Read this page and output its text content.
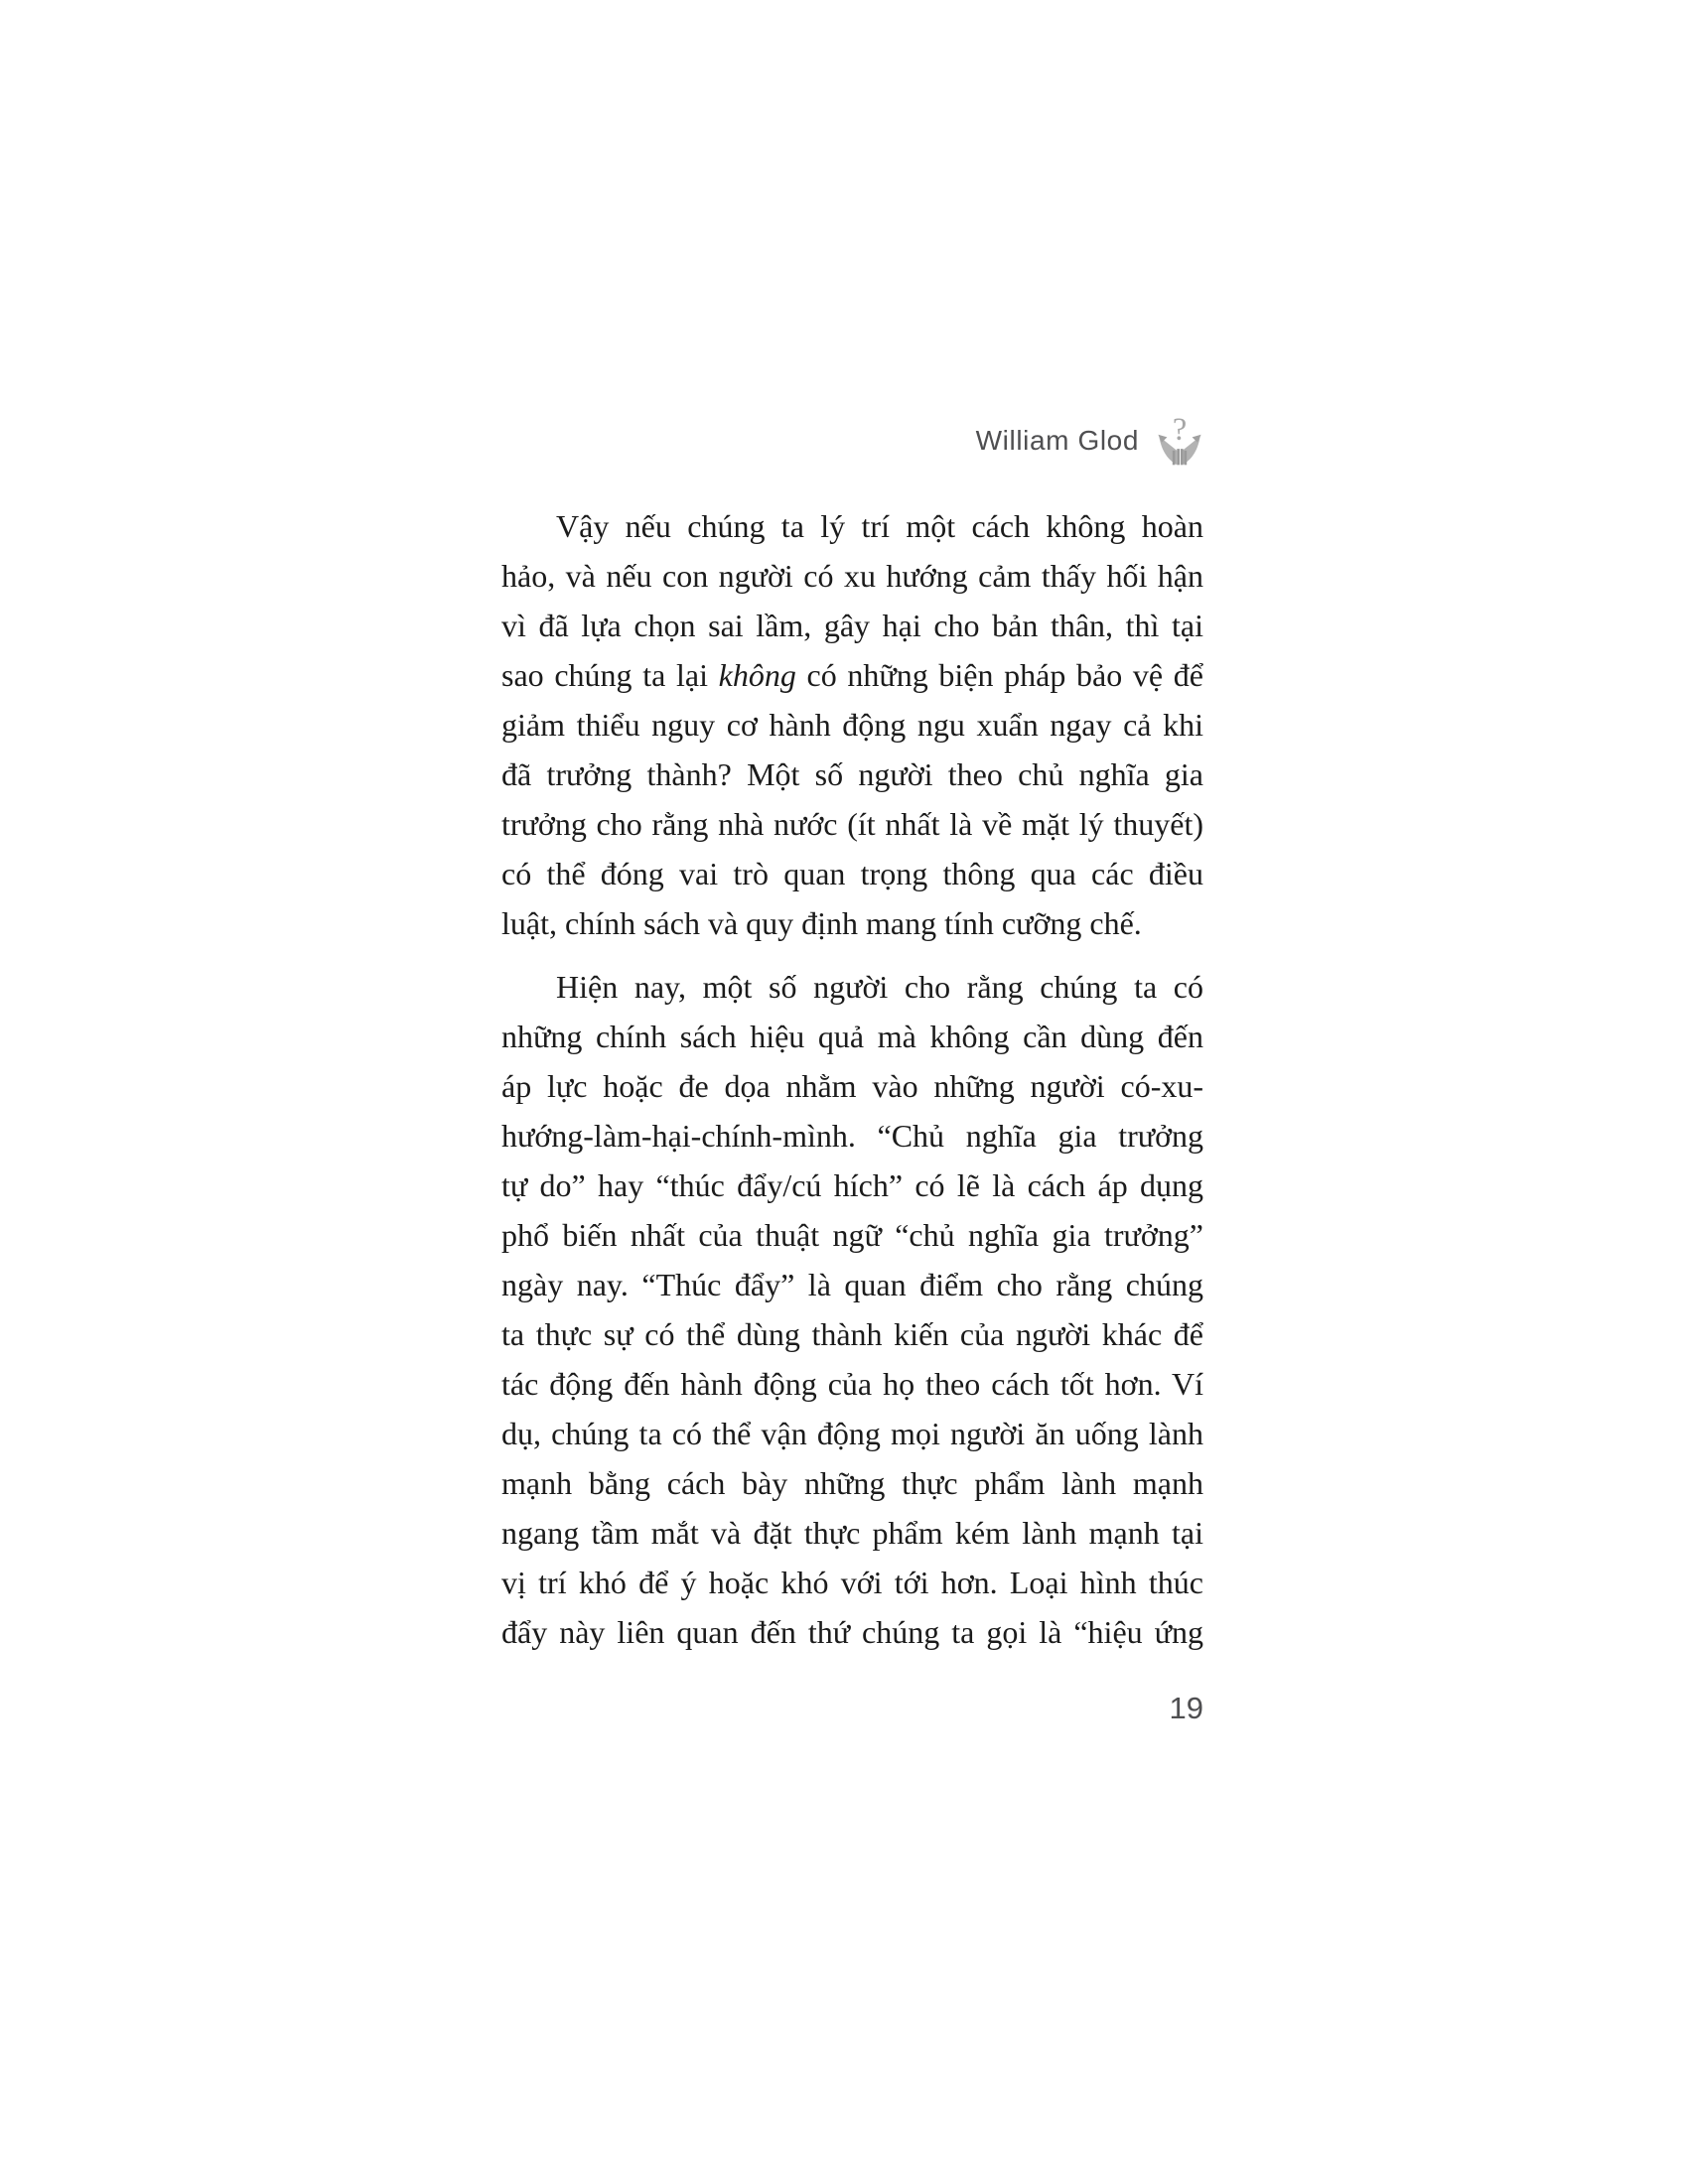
William Glod ?
Vậy nếu chúng ta lý trí một cách không hoàn
hảo, và nếu con người có xu hướng cảm thấy hối hận
vì đã lựa chọn sai lầm, gây hại cho bản thân, thì tại
sao chúng ta lại không có những biện pháp bảo vệ để
giảm thiểu nguy cơ hành động ngu xuẩn ngay cả khi
đã trưởng thành? Một số người theo chủ nghĩa gia
trưởng cho rằng nhà nước (ít nhất là về mặt lý thuyết)
có thể đóng vai trò quan trọng thông qua các điều
luật, chính sách và quy định mang tính cưỡng chế.
Hiện nay, một số người cho rằng chúng ta có
những chính sách hiệu quả mà không cần dùng đến
áp lực hoặc đe dọa nhằm vào những người có-xu-
hướng-làm-hại-chính-mình. “Chủ nghĩa gia trưởng
tự do” hay “thúc đẩy/cú hích” có lẽ là cách áp dụng
phổ biến nhất của thuật ngữ “chủ nghĩa gia trưởng”
ngày nay. “Thúc đẩy” là quan điểm cho rằng chúng
ta thực sự có thể dùng thành kiến của người khác để
tác động đến hành động của họ theo cách tốt hơn. Ví
dụ, chúng ta có thể vận động mọi người ăn uống lành
mạnh bằng cách bày những thực phẩm lành mạnh
ngang tầm mắt và đặt thực phẩm kém lành mạnh tại
vị trí khó để ý hoặc khó với tới hơn. Loại hình thúc
đẩy này liên quan đến thứ chúng ta gọi là “hiệu ứng
19
